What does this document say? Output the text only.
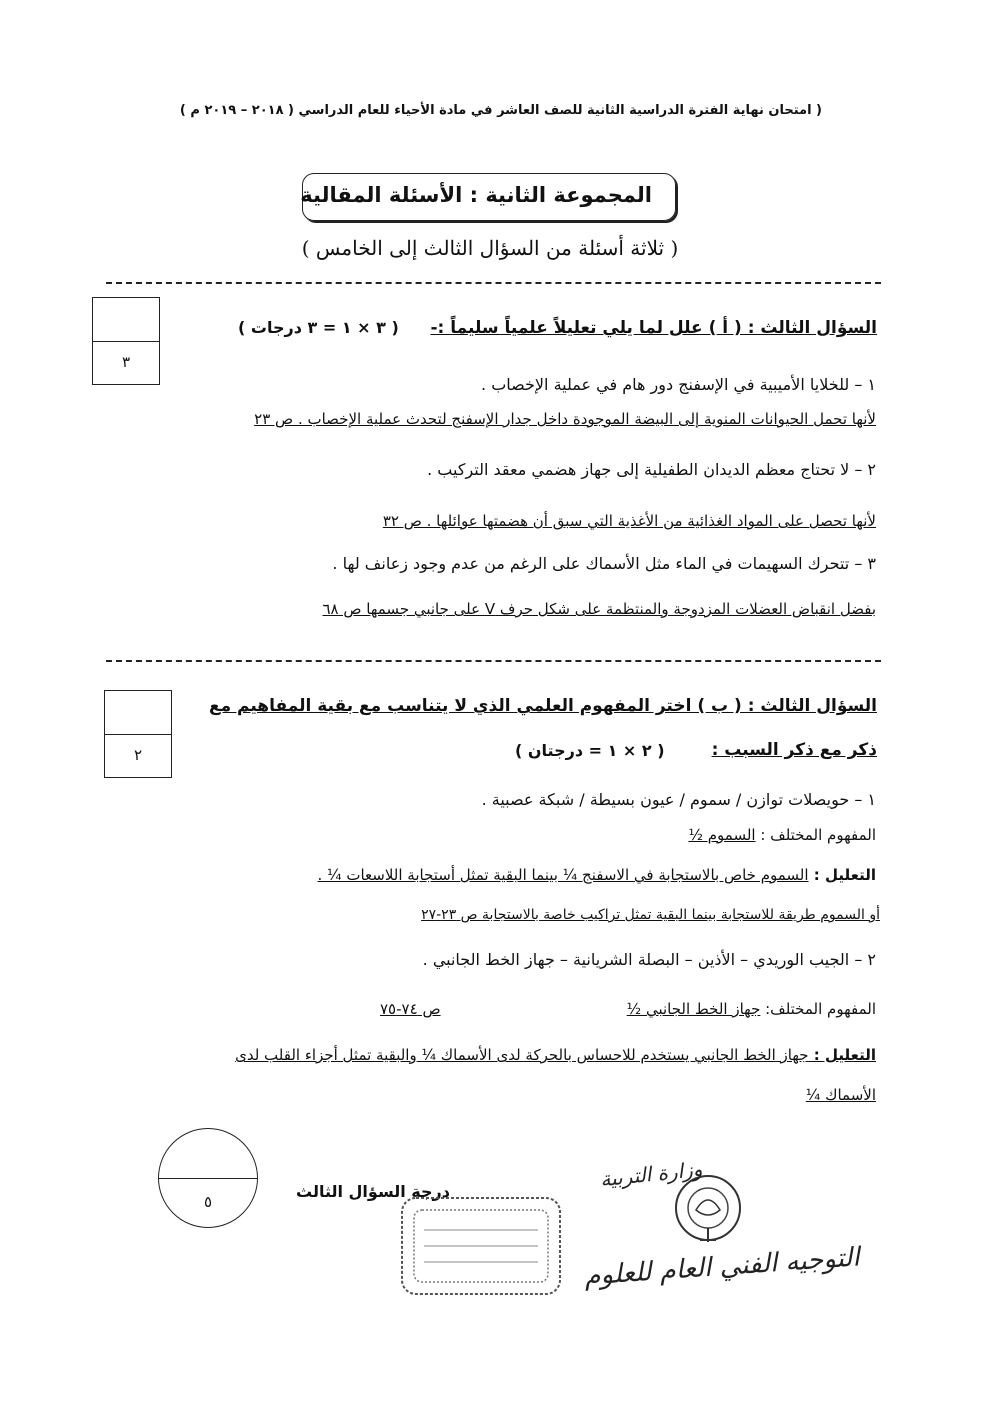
( امتحان نهاية الفترة الدراسية الثانية للصف العاشر في مادة الأحياء للعام الدراسي ( ٢٠١٨ – ٢٠١٩ م )
المجموعة الثانية : الأسئلة المقالية
( ثلاثة أسئلة من السؤال الثالث إلى الخامس )
٣
السؤال الثالث : ( أ ) علل لما يلي تعليلاً علمياً سليماً :-
( ٣ × ١ = ٣ درجات )
١ – للخلايا الأميبية في الإسفنج دور هام في عملية الإخصاب .
لأنها تحمل الحيوانات المنوية إلى البيضة الموجودة داخل جدار الإسفنج لتحدث عملية الإخصاب . ص ٢٣
٢ – لا تحتاج معظم الديدان الطفيلية إلى جهاز هضمي معقد التركيب .
لأنها تحصل على المواد الغذائية من الأغذية التي سبق أن هضمتها عوائلها . ص ٣٢
٣ – تتحرك السهيمات في الماء مثل الأسماك على الرغم من عدم وجود زعانف لها .
بفضل انقباض العضلات المزدوجة والمنتظمة على شكل حرف V على جانبي جسمها ص ٦٨
٢
السؤال الثالث : ( ب ) اختر المفهوم العلمي الذي لا يتناسب مع بقية المفاهيم مع
ذكر مع ذكر السبب :
( ٢ × ١ = درجتان )
١ – حويصلات توازن / سموم / عيون بسيطة / شبكة عصبية .
المفهوم المختلف : السموم ½
التعليل : السموم خاص بالاستجابة في الاسفنج ¼ بينما البقية تمثل أستجابة اللاسعات ¼ .
أو السموم طريقة للاستجابة بينما البقية تمثل تراكيب خاصة بالاستجابة ص ٢٣-٢٧
٢ – الجيب الوريدي – الأذين – البصلة الشريانية – جهاز الخط الجانبي .
المفهوم المختلف: جهاز الخط الجانبي ½
ص ٧٤-٧٥
التعليل : جهاز الخط الجانبي يستخدم للاحساس بالحركة لدى الأسماك ¼ والبقية تمثل أجزاء القلب لدى
الأسماك ¼
٥
درجة السؤال الثالث
وزارة التربية
التوجيه الفني العام للعلوم
